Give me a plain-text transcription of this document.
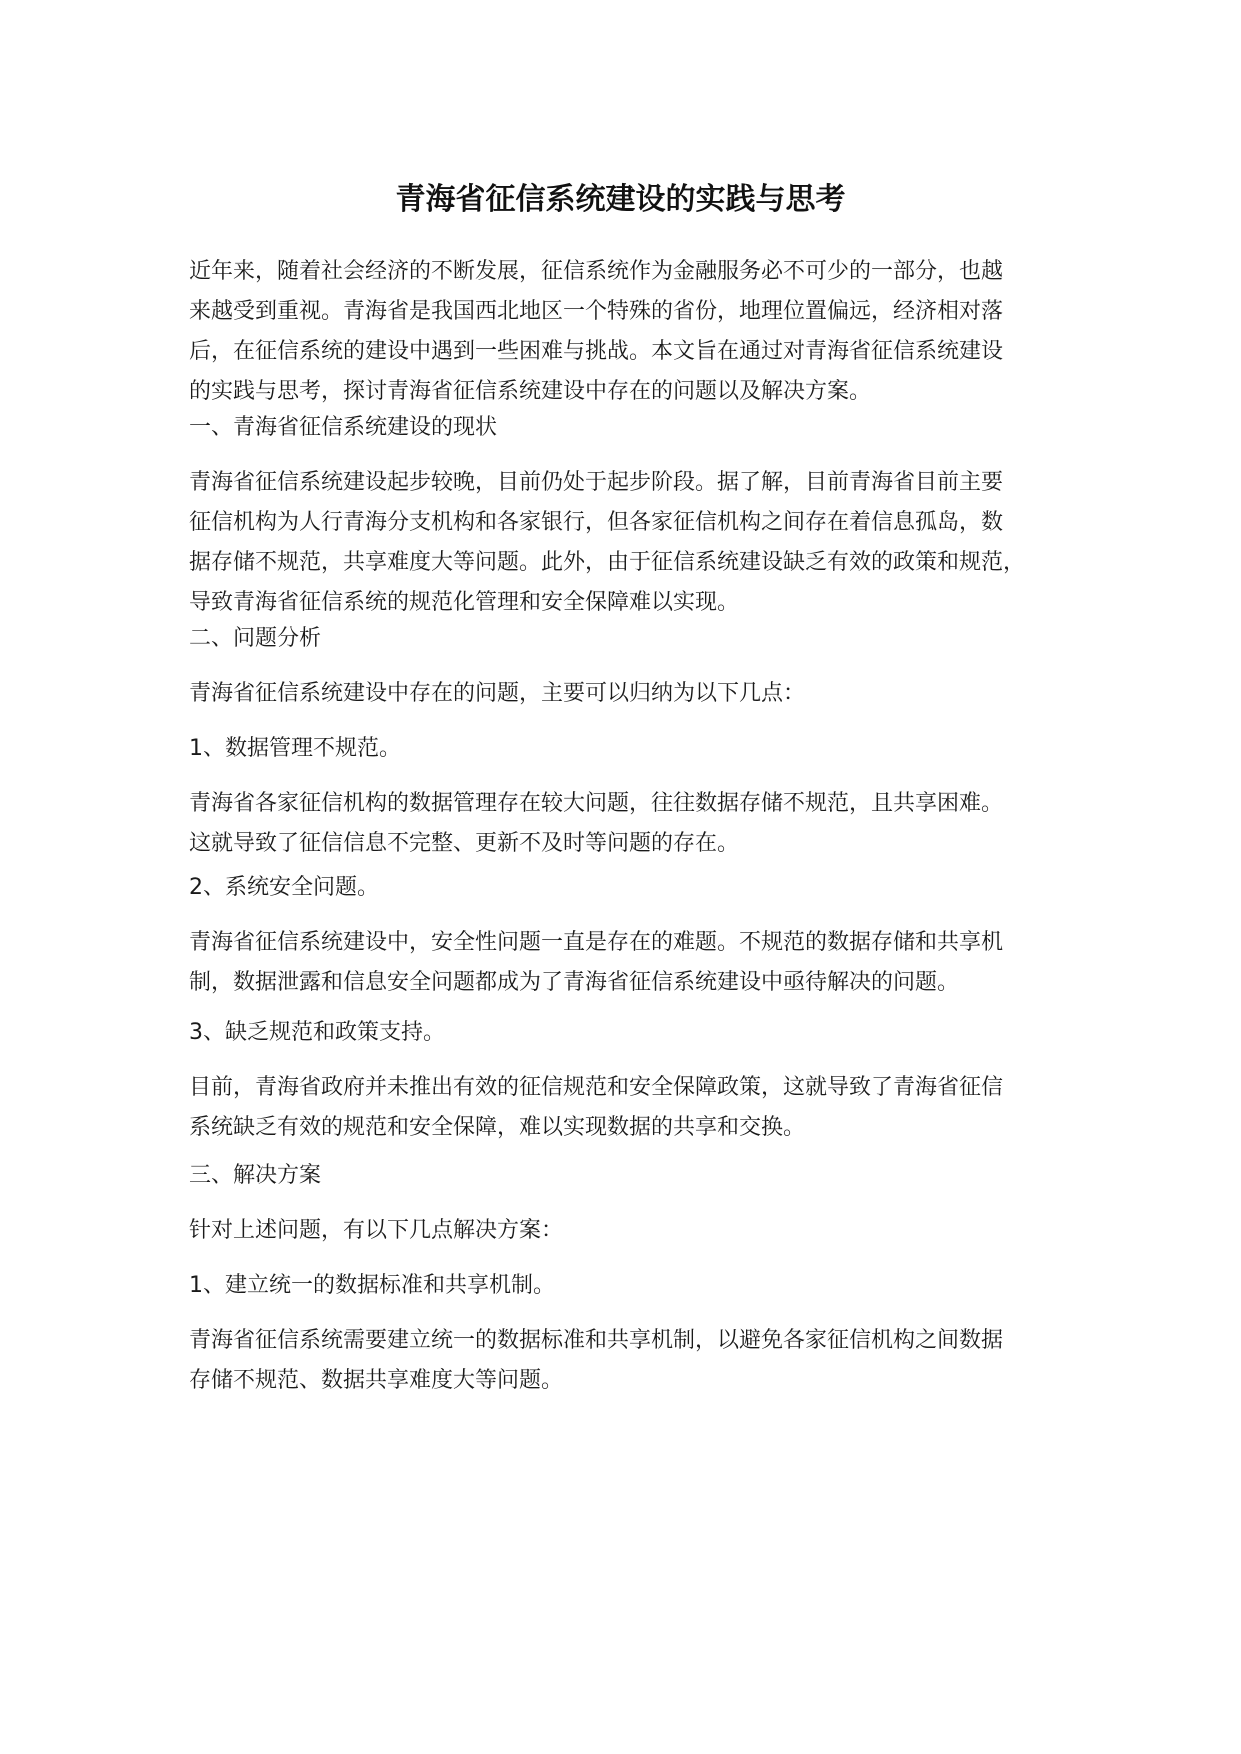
青海省征信系统建设的实践与思考

近年来，随着社会经济的不断发展，征信系统作为金融服务必不可少的一部分，也越
来越受到重视。青海省是我国西北地区一个特殊的省份，地理位置偏远，经济相对落
后，在征信系统的建设中遇到一些困难与挑战。本文旨在通过对青海省征信系统建设
的实践与思考，探讨青海省征信系统建设中存在的问题以及解决方案。

一、青海省征信系统建设的现状

青海省征信系统建设起步较晚，目前仍处于起步阶段。据了解，目前青海省目前主要
征信机构为人行青海分支机构和各家银行，但各家征信机构之间存在着信息孤岛，数
据存储不规范，共享难度大等问题。此外，由于征信系统建设缺乏有效的政策和规范，
导致青海省征信系统的规范化管理和安全保障难以实现。

二、问题分析

青海省征信系统建设中存在的问题，主要可以归纳为以下几点：

1、数据管理不规范。

青海省各家征信机构的数据管理存在较大问题，往往数据存储不规范，且共享困难。
这就导致了征信信息不完整、更新不及时等问题的存在。

2、系统安全问题。

青海省征信系统建设中，安全性问题一直是存在的难题。不规范的数据存储和共享机
制，数据泄露和信息安全问题都成为了青海省征信系统建设中亟待解决的问题。

3、缺乏规范和政策支持。

目前，青海省政府并未推出有效的征信规范和安全保障政策，这就导致了青海省征信
系统缺乏有效的规范和安全保障，难以实现数据的共享和交换。

三、解决方案

针对上述问题，有以下几点解决方案：

1、建立统一的数据标准和共享机制。

青海省征信系统需要建立统一的数据标准和共享机制，以避免各家征信机构之间数据
存储不规范、数据共享难度大等问题。
